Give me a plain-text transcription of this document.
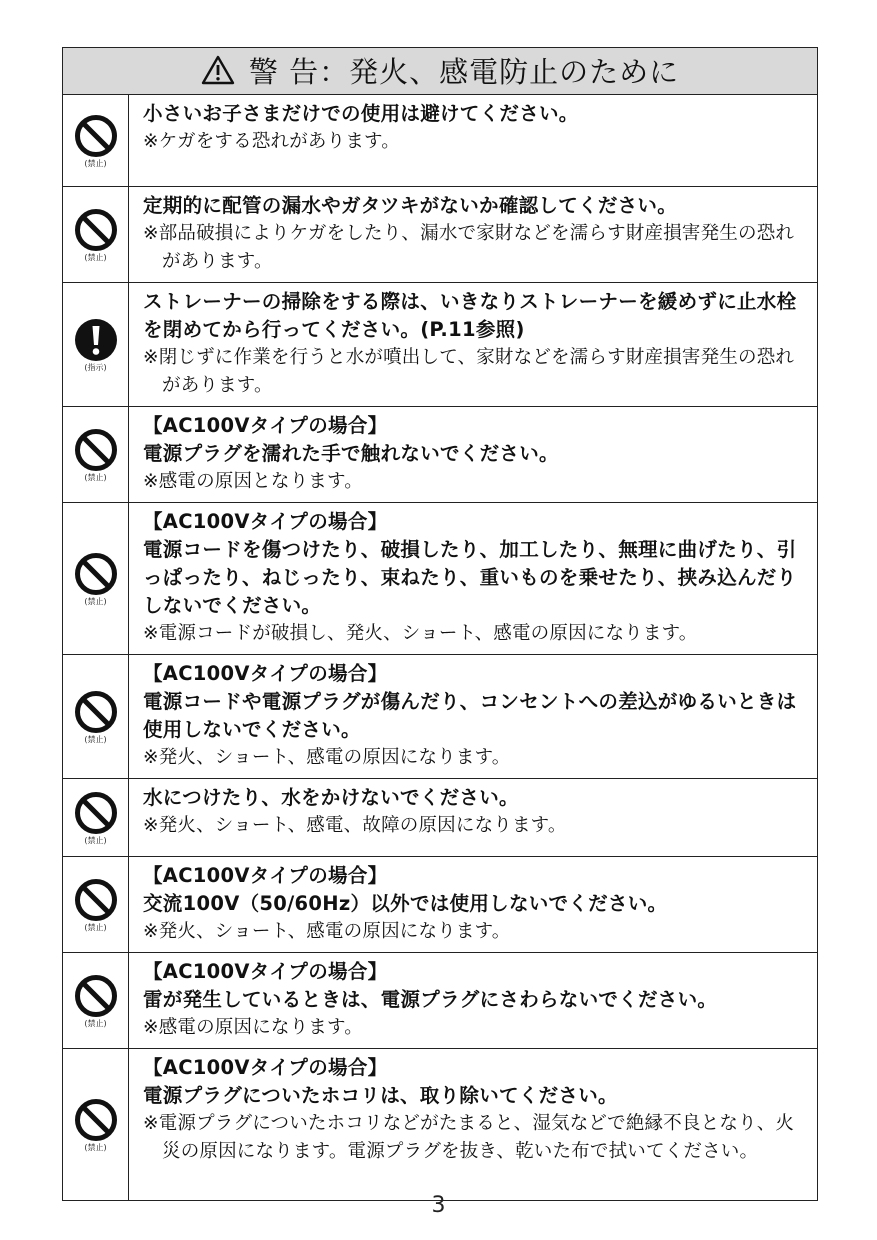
警 告：発火、感電防止のために	

(禁止)	小さいお子さまだけでの使用は避けてください。
※ケガをする恐れがあります。

(禁止)	定期的に配管の漏水やガタツキがないか確認してください。
※部品破損によりケガをしたり、漏水で家財などを濡らす財産損害発生の恐れがあります。

(指示)	ストレーナーの掃除をする際は、いきなりストレーナーを緩めずに止水栓を閉めてから行ってください。(P.11参照)
※閉じずに作業を行うと水が噴出して、家財などを濡らす財産損害発生の恐れがあります。

(禁止)	【AC100Vタイプの場合】
電源プラグを濡れた手で触れないでください。
※感電の原因となります。

(禁止)	【AC100Vタイプの場合】
電源コードを傷つけたり、破損したり、加工したり、無理に曲げたり、引っぱったり、ねじったり、束ねたり、重いものを乗せたり、挟み込んだりしないでください。
※電源コードが破損し、発火、ショート、感電の原因になります。

(禁止)	【AC100Vタイプの場合】
電源コードや電源プラグが傷んだり、コンセントへの差込がゆるいときは使用しないでください。
※発火、ショート、感電の原因になります。

(禁止)	水につけたり、水をかけないでください。
※発火、ショート、感電、故障の原因になります。

(禁止)	【AC100Vタイプの場合】
交流100V（50/60Hz）以外では使用しないでください。
※発火、ショート、感電の原因になります。

(禁止)	【AC100Vタイプの場合】
雷が発生しているときは、電源プラグにさわらないでください。
※感電の原因になります。

(禁止)	【AC100Vタイプの場合】
電源プラグについたホコリは、取り除いてください。
※電源プラグについたホコリなどがたまると、湿気などで絶縁不良となり、火災の原因になります。電源プラグを抜き、乾いた布で拭いてください。
3
